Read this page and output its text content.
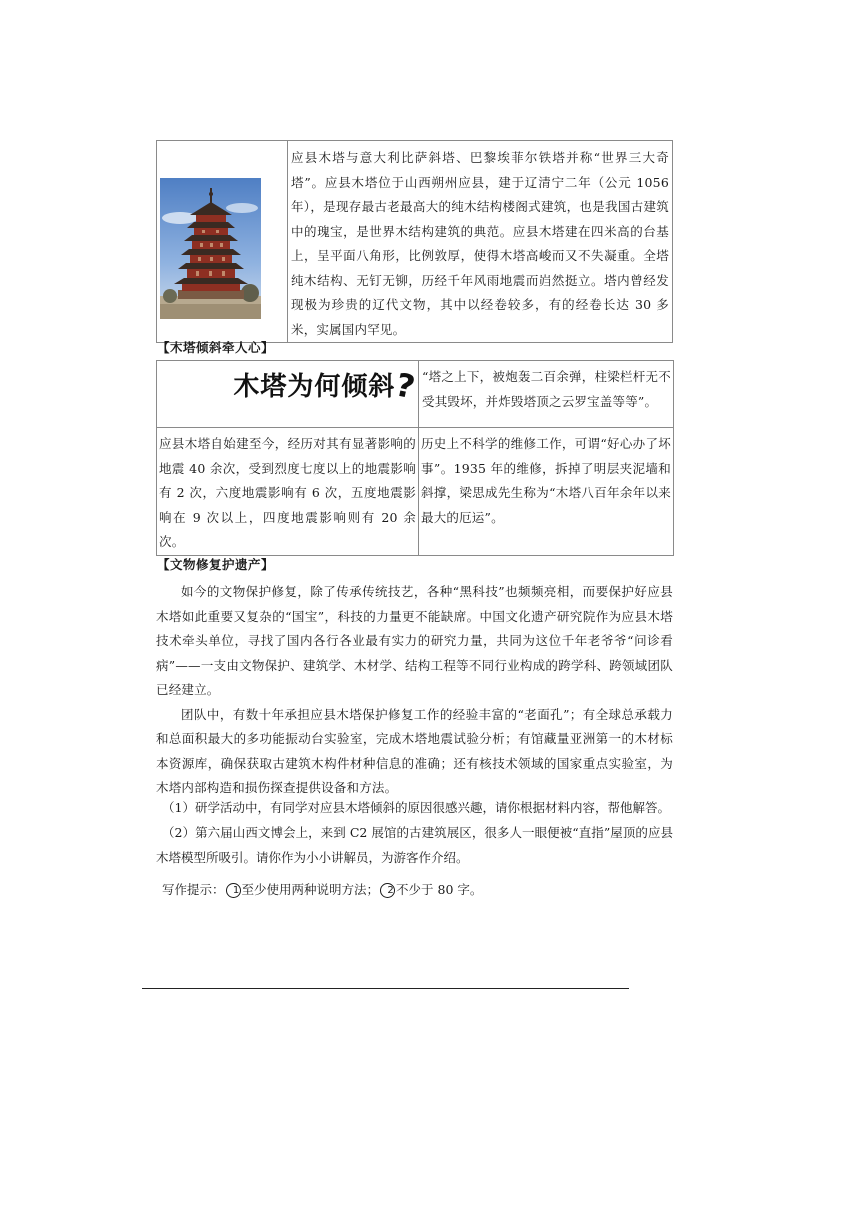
	应县木塔与意大利比萨斜塔、巴黎埃菲尔铁塔并称“世界三大奇塔”。应县木塔位于山西朔州应县，建于辽清宁二年（公元 1056 年），是现存最古老最高大的纯木结构楼阁式建筑，也是我国古建筑中的瑰宝，是世界木结构建筑的典范。应县木塔建在四米高的台基上，呈平面八角形，比例敦厚，使得木塔高峻而又不失凝重。全塔纯木结构、无钉无铆，历经千年风雨地震而岿然挺立。塔内曾经发现极为珍贵的辽代文物，其中以经卷较多，有的经卷长达 30 多米，实属国内罕见。
【木塔倾斜牵人心】
木塔为何倾斜?	“塔之上下，被炮轰二百余弹，柱梁栏杆无不受其毁坏，并炸毁塔顶之云罗宝盖等等”。
应县木塔自始建至今，经历对其有显著影响的地震 40 余次，受到烈度七度以上的地震影响有 2 次，六度地震影响有 6 次，五度地震影响在 9 次以上，四度地震影响则有 20 余次。	历史上不科学的维修工作，可谓“好心办了坏事”。1935 年的维修，拆掉了明层夹泥墙和斜撑，梁思成先生称为“木塔八百年余年以来最大的厄运”。
【文物修复护遗产】

如今的文物保护修复，除了传承传统技艺，各种“黑科技”也频频亮相，而要保护好应县木塔如此重要又复杂的“国宝”，科技的力量更不能缺席。中国文化遗产研究院作为应县木塔技术牵头单位，寻找了国内各行各业最有实力的研究力量，共同为这位千年老爷爷“问诊看病”——一支由文物保护、建筑学、木材学、结构工程等不同行业构成的跨学科、跨领域团队已经建立。

团队中，有数十年承担应县木塔保护修复工作的经验丰富的“老面孔”；有全球总承载力和总面积最大的多功能振动台实验室，完成木塔地震试验分析；有馆藏量亚洲第一的木材标本资源库，确保获取古建筑木构件材种信息的准确；还有核技术领域的国家重点实验室，为木塔内部构造和损伤探查提供设备和方法。

（1）研学活动中，有同学对应县木塔倾斜的原因很感兴趣，请你根据材料内容，帮他解答。
（2）第六届山西文博会上，来到 C2 展馆的古建筑展区，很多人一眼便被“直指”屋顶的应县木塔模型所吸引。请你作为小小讲解员，为游客作介绍。
写作提示： 1 至少使用两种说明方法； 2 不少于 80 字。
